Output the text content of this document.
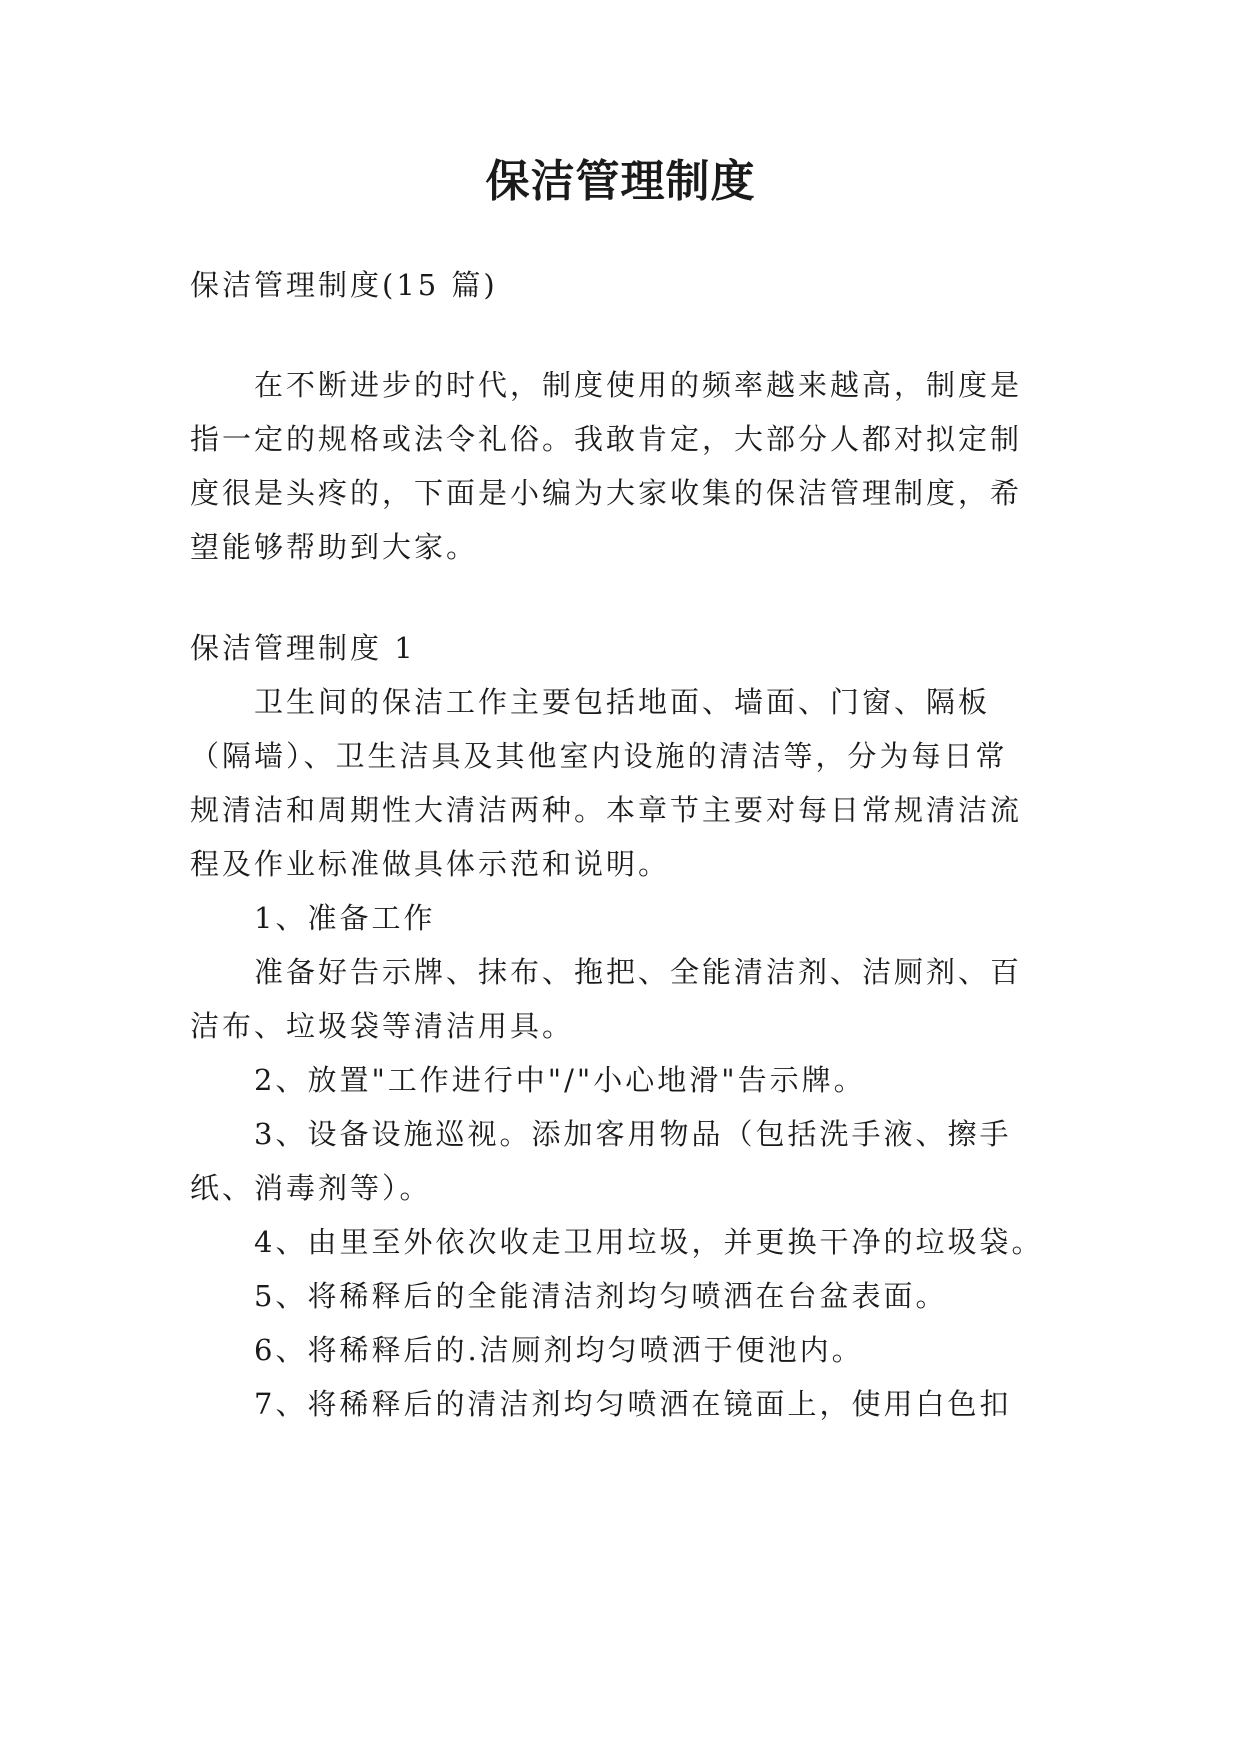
保洁管理制度
保洁管理制度(15 篇)
在不断进步的时代，制度使用的频率越来越高，制度是
指一定的规格或法令礼俗。我敢肯定，大部分人都对拟定制
度很是头疼的，下面是小编为大家收集的保洁管理制度，希
望能够帮助到大家。
保洁管理制度 1
卫生间的保洁工作主要包括地面、墙面、门窗、隔板
（隔墙）、卫生洁具及其他室内设施的清洁等，分为每日常
规清洁和周期性大清洁两种。本章节主要对每日常规清洁流
程及作业标准做具体示范和说明。
1、准备工作
准备好告示牌、抹布、拖把、全能清洁剂、洁厕剂、百
洁布、垃圾袋等清洁用具。
2、放置"工作进行中"/"小心地滑"告示牌。
3、设备设施巡视。添加客用物品（包括洗手液、擦手
纸、消毒剂等）。
4、由里至外依次收走卫用垃圾，并更换干净的垃圾袋。
5、将稀释后的全能清洁剂均匀喷洒在台盆表面。
6、将稀释后的.洁厕剂均匀喷洒于便池内。
7、将稀释后的清洁剂均匀喷洒在镜面上，使用白色扣
